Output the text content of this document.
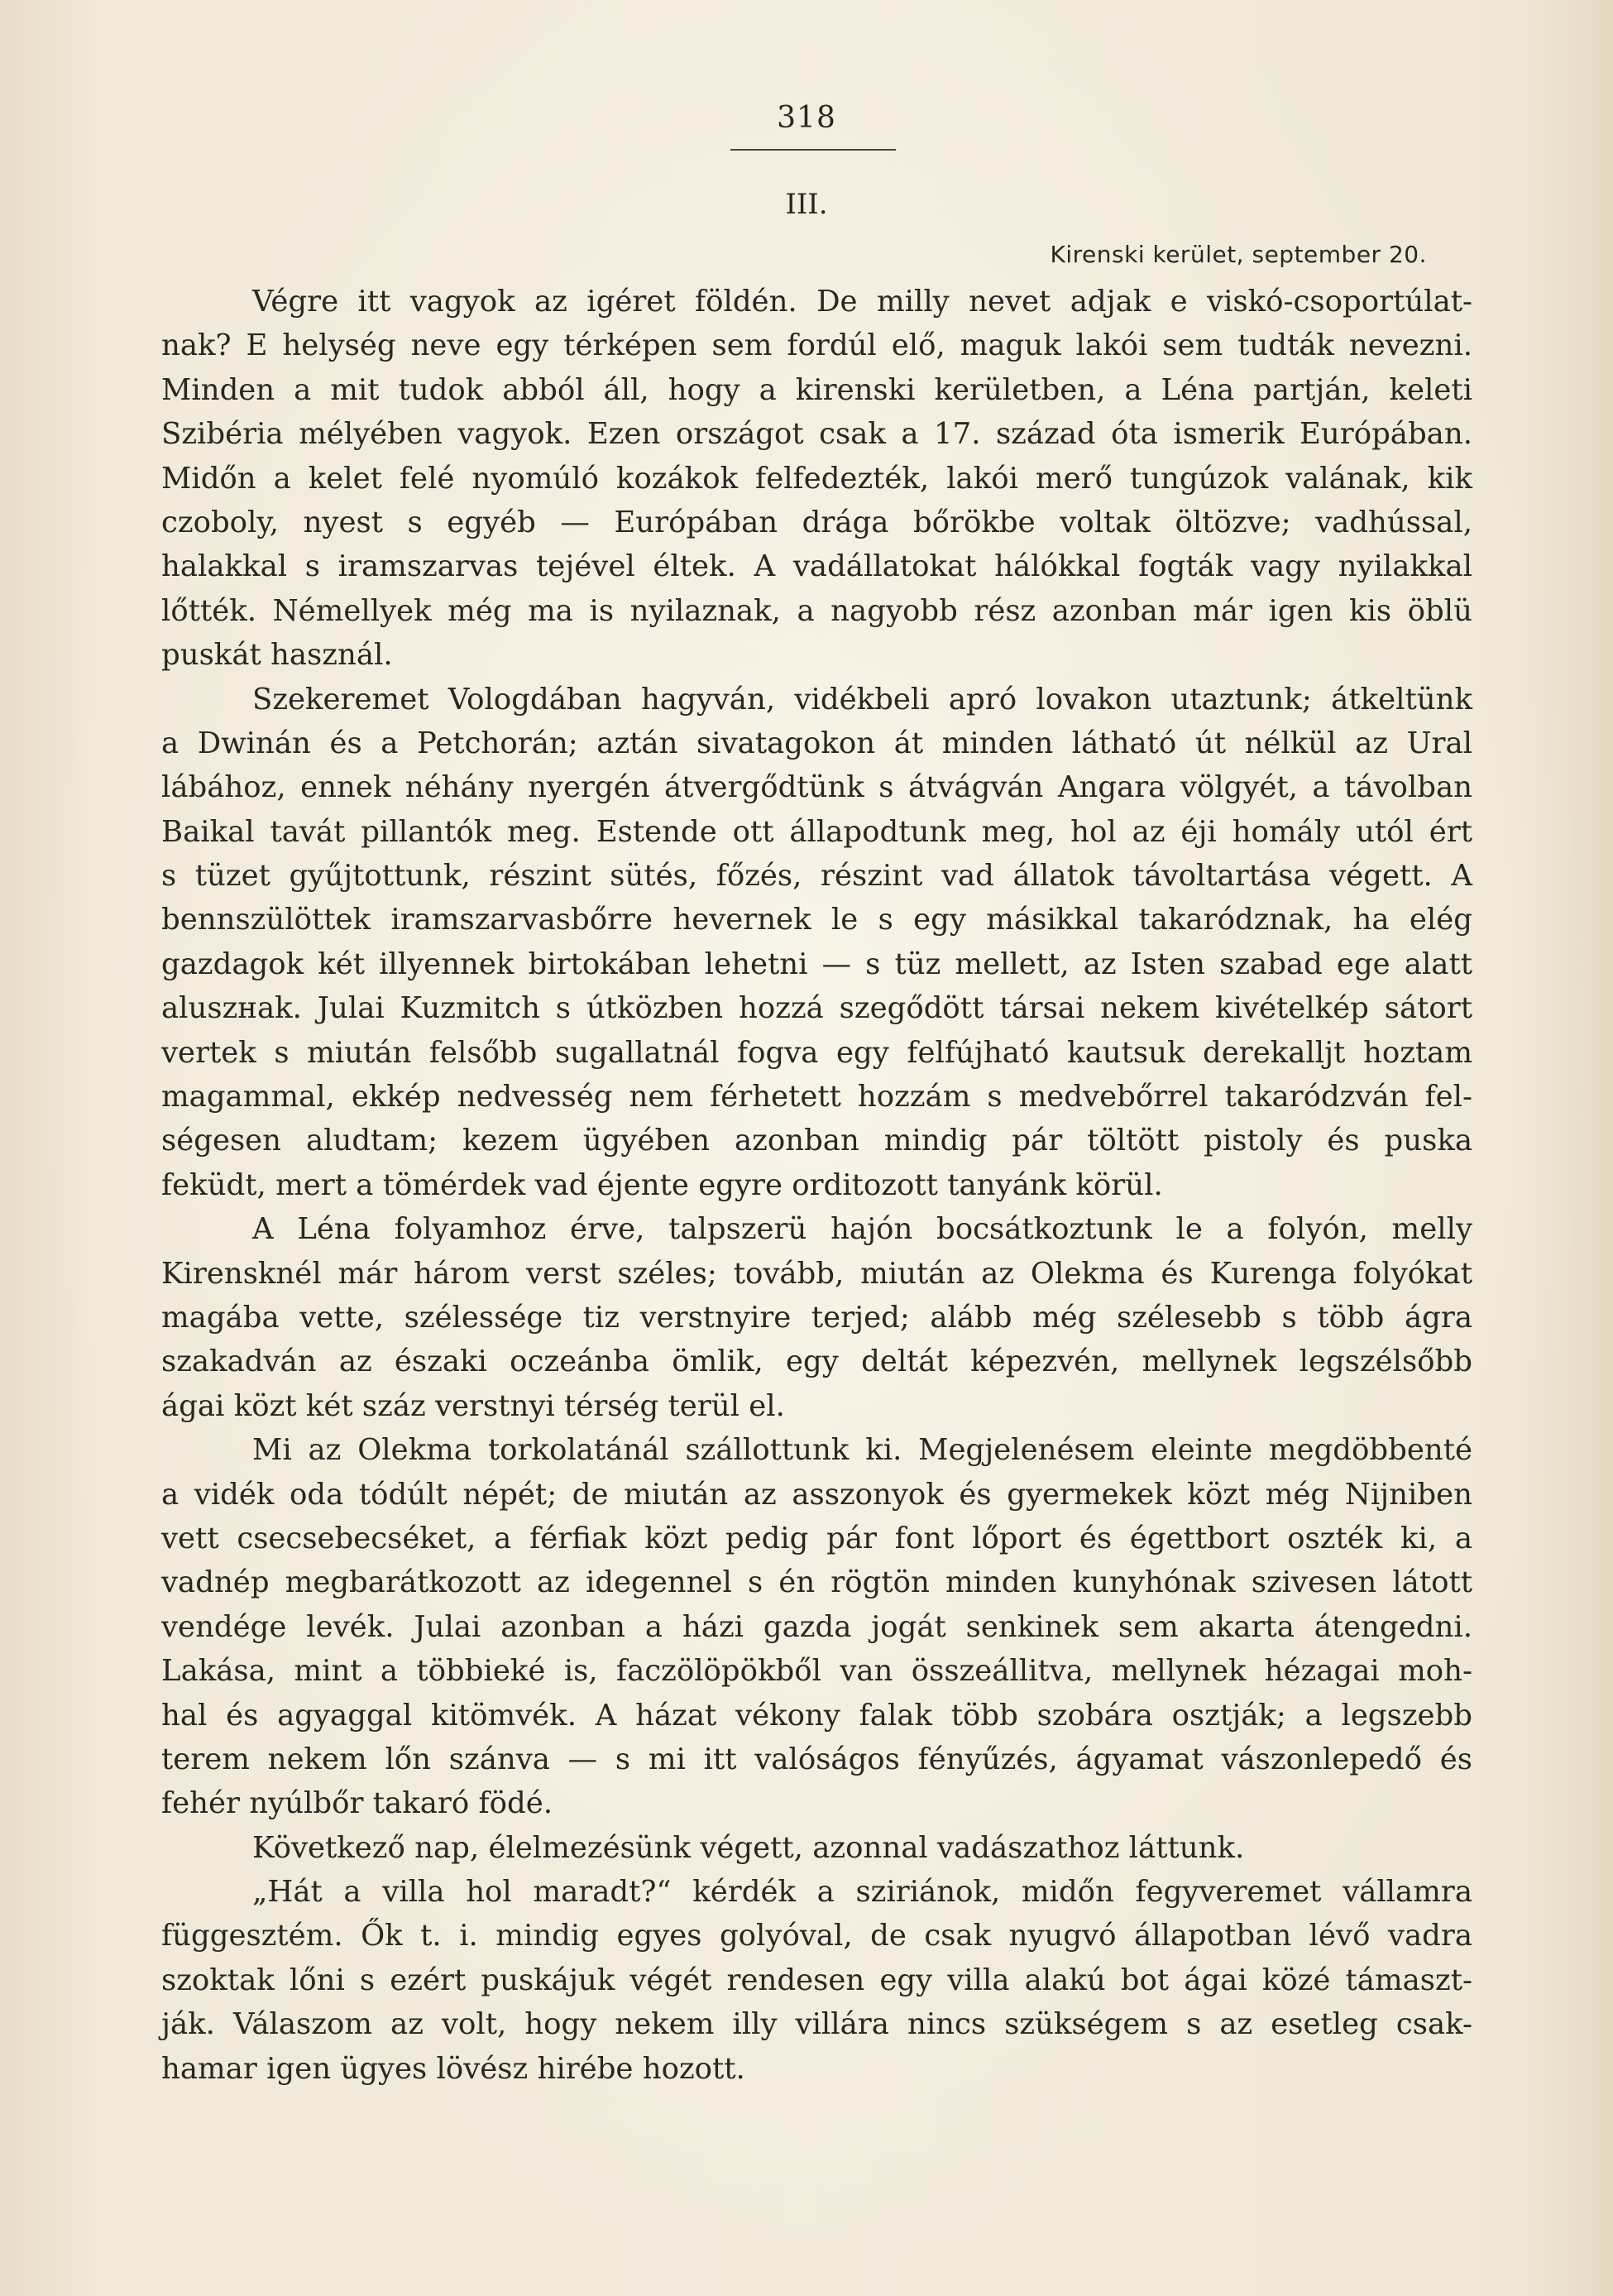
318
III.
Kirenski kerület, september 20.
Végre itt vagyok az igéret földén. De milly nevet adjak e viskó-csoportúlat-
nak? E helység neve egy térképen sem fordúl elő, maguk lakói sem tudták nevezni.
Minden a mit tudok abból áll, hogy a kirenski kerületben, a Léna partján, keleti
Szibéria mélyében vagyok. Ezen országot csak a 17. század óta ismerik Európában.
Midőn a kelet felé nyomúló kozákok felfedezték, lakói merő tungúzok valának, kik
czoboly, nyest s egyéb — Európában drága bőrökbe voltak öltözve; vadhússal,
halakkal s iramszarvas tejével éltek. A vadállatokat hálókkal fogták vagy nyilakkal
lőtték. Némellyek még ma is nyilaznak, a nagyobb rész azonban már igen kis öblü
puskát használ.
Szekeremet Vologdában hagyván, vidékbeli apró lovakon utaztunk; átkeltünk
a Dwinán és a Petchorán; aztán sivatagokon át minden látható út nélkül az Ural
lábához, ennek néhány nyergén átvergődtünk s átvágván Angara völgyét, a távolban
Baikal tavát pillantók meg. Estende ott állapodtunk meg, hol az éji homály utól ért
s tüzet gyűjtottunk, részint sütés, főzés, részint vad állatok távoltartása végett. A
bennszülöttek iramszarvasbőrre hevernek le s egy másikkal takaródznak, ha elég
gazdagok két illyennek birtokában lehetni — s tüz mellett, az Isten szabad ege alatt
aluszнak. Julai Kuzmitch s útközben hozzá szegődött társai nekem kivételkép sátort
vertek s miután felsőbb sugallatnál fogva egy felfújható kautsuk derekalljt hoztam
magammal, ekkép nedvesség nem férhetett hozzám s medvebőrrel takaródzván fel-
ségesen aludtam; kezem ügyében azonban mindig pár töltött pistoly és puska
feküdt, mert a tömérdek vad éjente egyre orditozott tanyánk körül.
A Léna folyamhoz érve, talpszerü hajón bocsátkoztunk le a folyón, melly
Kirensknél már három verst széles; tovább, miután az Olekma és Kurenga folyókat
magába vette, szélessége tiz verstnyire terjed; alább még szélesebb s több ágra
szakadván az északi oczeánba ömlik, egy deltát képezvén, mellynek legszélsőbb
ágai közt két száz verstnyi térség terül el.
Mi az Olekma torkolatánál szállottunk ki. Megjelenésem eleinte megdöbbenté
a vidék oda tódúlt népét; de miután az asszonyok és gyermekek közt még Nijniben
vett csecsebecséket, a férfiak közt pedig pár font lőport és égettbort oszték ki, a
vadnép megbarátkozott az idegennel s én rögtön minden kunyhónak szivesen látott
vendége levék. Julai azonban a házi gazda jogát senkinek sem akarta átengedni.
Lakása, mint a többieké is, faczölöpökből van összeállitva, mellynek hézagai moh-
hal és agyaggal kitömvék. A házat vékony falak több szobára osztják; a legszebb
terem nekem lőn szánva — s mi itt valóságos fényűzés, ágyamat vászonlepedő és
fehér nyúlbőr takaró födé.
Következő nap, élelmezésünk végett, azonnal vadászathoz láttunk.
„Hát a villa hol maradt?“ kérdék a sziriánok, midőn fegyveremet vállamra
függesztém. Ők t. i. mindig egyes golyóval, de csak nyugvó állapotban lévő vadra
szoktak lőni s ezért puskájuk végét rendesen egy villa alakú bot ágai közé támaszt-
ják. Válaszom az volt, hogy nekem illy villára nincs szükségem s az esetleg csak-
hamar igen ügyes lövész hirébe hozott.
